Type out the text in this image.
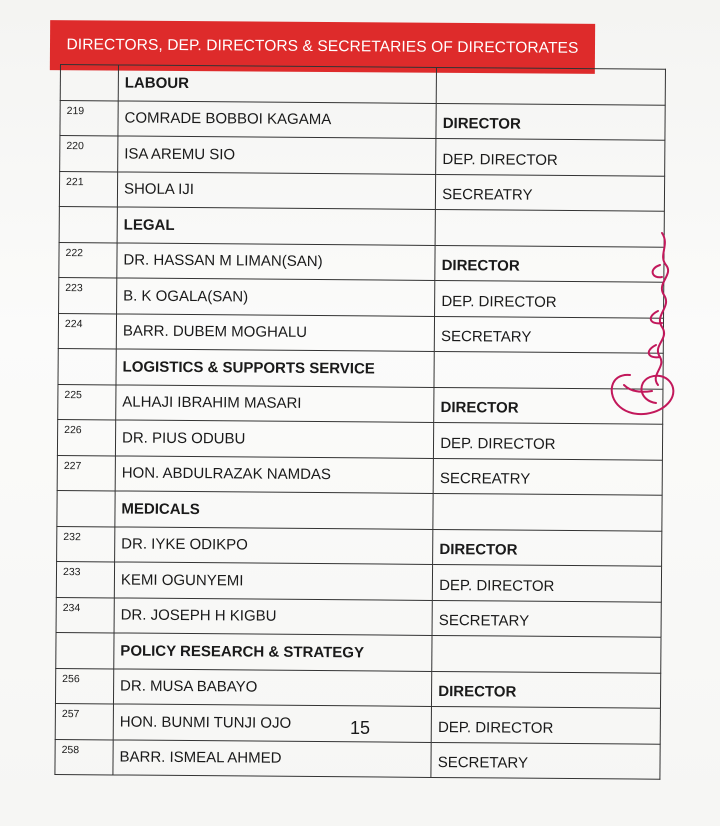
DIRECTORS, DEP. DIRECTORS & SECRETARIES OF DIRECTORATES
	LABOUR	
219	COMRADE BOBBOI KAGAMA	DIRECTOR
220	ISA AREMU SIO	DEP. DIRECTOR
221	SHOLA IJI	SECREATRY
	LEGAL	
222	DR. HASSAN M LIMAN(SAN)	DIRECTOR
223	B. K OGALA(SAN)	DEP. DIRECTOR
224	BARR. DUBEM MOGHALU	SECRETARY
	LOGISTICS & SUPPORTS SERVICE	
225	ALHAJI IBRAHIM MASARI	DIRECTOR
226	DR. PIUS ODUBU	DEP. DIRECTOR
227	HON. ABDULRAZAK NAMDAS	SECREATRY
	MEDICALS	
232	DR. IYKE ODIKPO	DIRECTOR
233	KEMI OGUNYEMI	DEP. DIRECTOR
234	DR. JOSEPH H KIGBU	SECRETARY
	POLICY RESEARCH & STRATEGY	
256	DR. MUSA BABAYO	DIRECTOR
257	HON. BUNMI TUNJI OJO	DEP. DIRECTOR
258	BARR. ISMEAL AHMED	SECRETARY
15
